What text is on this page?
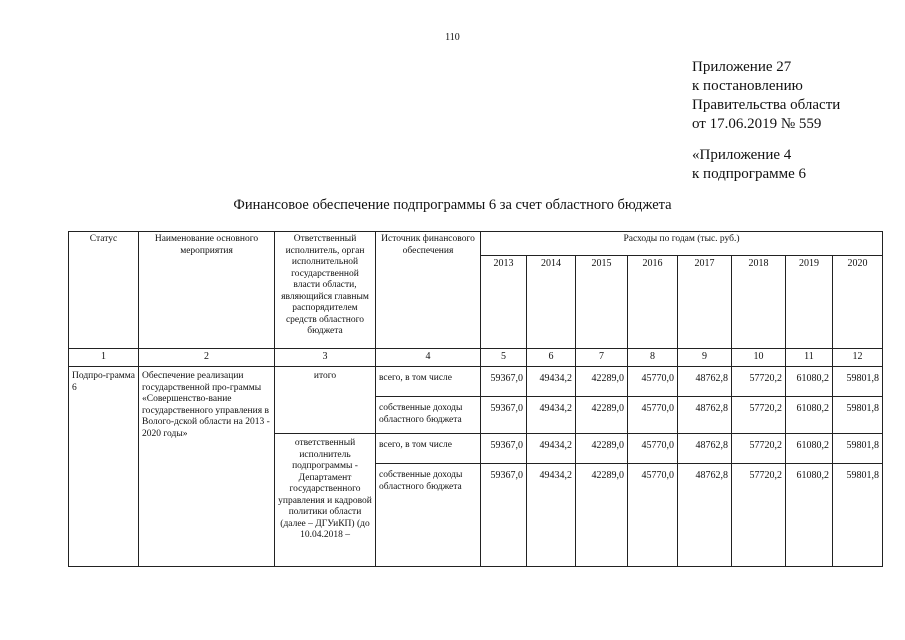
110
Приложение 27
к постановлению
Правительства области
от 17.06.2019 № 559
«Приложение 4
к подпрограмме 6
Финансовое обеспечение подпрограммы 6 за счет областного бюджета
Статус	Наименование основного мероприятия	Ответственный исполнитель, орган исполнительной государственной власти области, являющийся главным распорядителем средств областного бюджета	Источник финансового обеспечения	Расходы по годам (тыс. руб.)							
				2013	2014	2015	2016	2017	2018	2019	2020
1	2	3	4	5	6	7	8	9	10	11	12
Подпро-грамма 6	Обеспечение реализации государственной про-граммы «Совершенство-вание государственного управления в Волого-дской области на 2013 - 2020 годы»	итого	всего, в том числе	59367,0	49434,2	42289,0	45770,0	48762,8	57720,2	61080,2	59801,8
			собственные доходы областного бюджета	59367,0	49434,2	42289,0	45770,0	48762,8	57720,2	61080,2	59801,8
		ответственный исполнитель подпрограммы - Департамент государственного управления и кадровой политики области (далее – ДГУиКП) (до 10.04.2018 –	всего, в том числе	59367,0	49434,2	42289,0	45770,0	48762,8	57720,2	61080,2	59801,8
			собственные доходы областного бюджета	59367,0	49434,2	42289,0	45770,0	48762,8	57720,2	61080,2	59801,8
